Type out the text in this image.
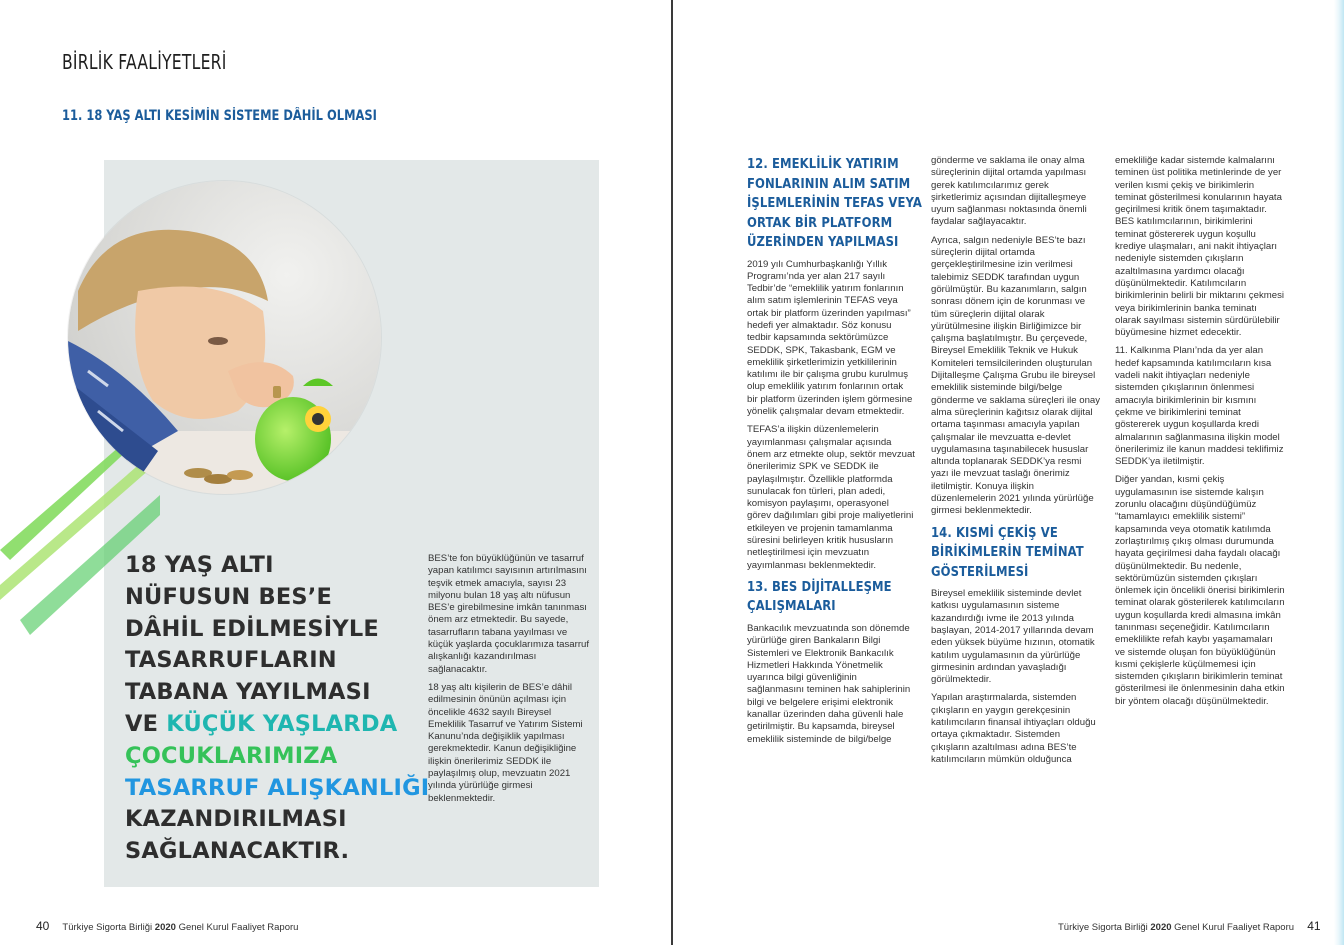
BİRLİK FAALİYETLERİ
11. 18 YAŞ ALTI KESİMİN SİSTEME DÂHİL OLMASI
18 YAŞ ALTI
NÜFUSUN BES’E
DÂHİL EDİLMESİYLE
TASARRUFLARIN
TABANA YAYILMASI
VE KÜÇÜK YAŞLARDA
ÇOCUKLARIMIZA
TASARRUF ALIŞKANLIĞI
KAZANDIRILMASI
SAĞLANACAKTIR.

BES’te fon büyüklüğünün ve tasarruf yapan katılımcı sayısının artırılmasını teşvik etmek amacıyla, sayısı 23 milyonu bulan 18 yaş altı nüfusun BES’e girebilmesine imkân tanınması önem arz etmektedir. Bu sayede, tasarrufların tabana yayılması ve küçük yaşlarda çocuklarımıza tasarruf alışkanlığı kazandırılması sağlanacaktır.

18 yaş altı kişilerin de BES’e dâhil edilmesinin önünün açılması için öncelikle 4632 sayılı Bireysel Emeklilik Tasarruf ve Yatırım Sistemi Kanunu’nda değişiklik yapılması gerekmektedir. Kanun değişikliğine ilişkin önerilerimiz SEDDK ile paylaşılmış olup, mevzuatın 2021 yılında yürürlüğe girmesi beklenmektedir.

40 Türkiye Sigorta Birliği 2020 Genel Kurul Faaliyet Raporu
12. EMEKLİLİK YATIRIM
FONLARININ ALIM SATIM
İŞLEMLERİNİN TEFAS VEYA
ORTAK BİR PLATFORM
ÜZERİNDEN YAPILMASI

2019 yılı Cumhurbaşkanlığı Yıllık Programı’nda yer alan 217 sayılı Tedbir’de “emeklilik yatırım fonlarının alım satım işlemlerinin TEFAS veya ortak bir platform üzerinden yapılması” hedefi yer almaktadır. Söz konusu tedbir kapsamında sektörümüzce SEDDK, SPK, Takasbank, EGM ve emeklilik şirketlerimizin yetkililerinin katılımı ile bir çalışma grubu kurulmuş olup emeklilik yatırım fonlarının ortak bir platform üzerinden işlem görmesine yönelik çalışmalar devam etmektedir.

TEFAS’a ilişkin düzenlemelerin yayımlanması çalışmalar açısında önem arz etmekte olup, sektör mevzuat önerilerimiz SPK ve SEDDK ile paylaşılmıştır. Özellikle platformda sunulacak fon türleri, plan adedi, komisyon paylaşımı, operasyonel görev dağılımları gibi proje maliyetlerini etkileyen ve projenin tamamlanma süresini belirleyen kritik hususların netleştirilmesi için mevzuatın yayımlanması beklenmektedir.

13. BES DİJİTALLEŞME
ÇALIŞMALARI

Bankacılık mevzuatında son dönemde yürürlüğe giren Bankaların Bilgi Sistemleri ve Elektronik Bankacılık Hizmetleri Hakkında Yönetmelik uyarınca bilgi güvenliğinin sağlanmasını teminen hak sahiplerinin bilgi ve belgelere erişimi elektronik kanallar üzerinden daha güvenli hale getirilmiştir. Bu kapsamda, bireysel emeklilik sisteminde de bilgi/belge

gönderme ve saklama ile onay alma süreçlerinin dijital ortamda yapılması gerek katılımcılarımız gerek şirketlerimiz açısından dijitalleşmeye uyum sağlanması noktasında önemli faydalar sağlayacaktır.

Ayrıca, salgın nedeniyle BES’te bazı süreçlerin dijital ortamda gerçekleştirilmesine izin verilmesi talebimiz SEDDK tarafından uygun görülmüştür. Bu kazanımların, salgın sonrası dönem için de korunması ve tüm süreçlerin dijital olarak yürütülmesine ilişkin Birliğimizce bir çalışma başlatılmıştır. Bu çerçevede, Bireysel Emeklilik Teknik ve Hukuk Komiteleri temsilcilerinden oluşturulan Dijitalleşme Çalışma Grubu ile bireysel emeklilik sisteminde bilgi/belge gönderme ve saklama süreçleri ile onay alma süreçlerinin kağıtsız olarak dijital ortama taşınması amacıyla yapılan çalışmalar ile mevzuatta e-devlet uygulamasına taşınabilecek hususlar altında toplanarak SEDDK’ya resmi yazı ile mevzuat taslağı önerimiz iletilmiştir. Konuya ilişkin düzenlemelerin 2021 yılında yürürlüğe girmesi beklenmektedir.

14. KISMİ ÇEKİŞ VE
BİRİKİMLERİN TEMİNAT
GÖSTERİLMESİ

Bireysel emeklilik sisteminde devlet katkısı uygulamasının sisteme kazandırdığı ivme ile 2013 yılında başlayan, 2014-2017 yıllarında devam eden yüksek büyüme hızının, otomatik katılım uygulamasının da yürürlüğe girmesinin ardından yavaşladığı görülmektedir.

Yapılan araştırmalarda, sistemden çıkışların en yaygın gerekçesinin katılımcıların finansal ihtiyaçları olduğu ortaya çıkmaktadır. Sistemden çıkışların azaltılması adına BES’te katılımcıların mümkün olduğunca

emekliliğe kadar sistemde kalmalarını teminen üst politika metinlerinde de yer verilen kısmi çekiş ve birikimlerin teminat gösterilmesi konularının hayata geçirilmesi kritik önem taşımaktadır. BES katılımcılarının, birikimlerini teminat göstererek uygun koşullu krediye ulaşmaları, ani nakit ihtiyaçları nedeniyle sistemden çıkışların azaltılmasına yardımcı olacağı düşünülmektedir. Katılımcıların birikimlerinin belirli bir miktarını çekmesi veya birikimlerinin banka teminatı olarak sayılması sistemin sürdürülebilir büyümesine hizmet edecektir.

11. Kalkınma Planı’nda da yer alan hedef kapsamında katılımcıların kısa vadeli nakit ihtiyaçları nedeniyle sistemden çıkışlarının önlenmesi amacıyla birikimlerinin bir kısmını çekme ve birikimlerini teminat göstererek uygun koşullarda kredi almalarının sağlanmasına ilişkin model önerilerimiz ile kanun maddesi teklifimiz SEDDK’ya iletilmiştir.

Diğer yandan, kısmi çekiş uygulamasının ise sistemde kalışın zorunlu olacağını düşündüğümüz “tamamlayıcı emeklilik sistemi” kapsamında veya otomatik katılımda zorlaştırılmış çıkış olması durumunda hayata geçirilmesi daha faydalı olacağı düşünülmektedir. Bu nedenle, sektörümüzün sistemden çıkışları önlemek için öncelikli önerisi birikimlerin teminat olarak gösterilerek katılımcıların uygun koşullarda kredi almasına imkân tanınması seçeneğidir. Katılımcıların emeklilikte refah kaybı yaşamamaları ve sistemde oluşan fon büyüklüğünün kısmi çekişlerle küçülmemesi için sistemden çıkışların birikimlerin teminat gösterilmesi ile önlenmesinin daha etkin bir yöntem olacağı düşünülmektedir.

Türkiye Sigorta Birliği 2020 Genel Kurul Faaliyet Raporu 41
